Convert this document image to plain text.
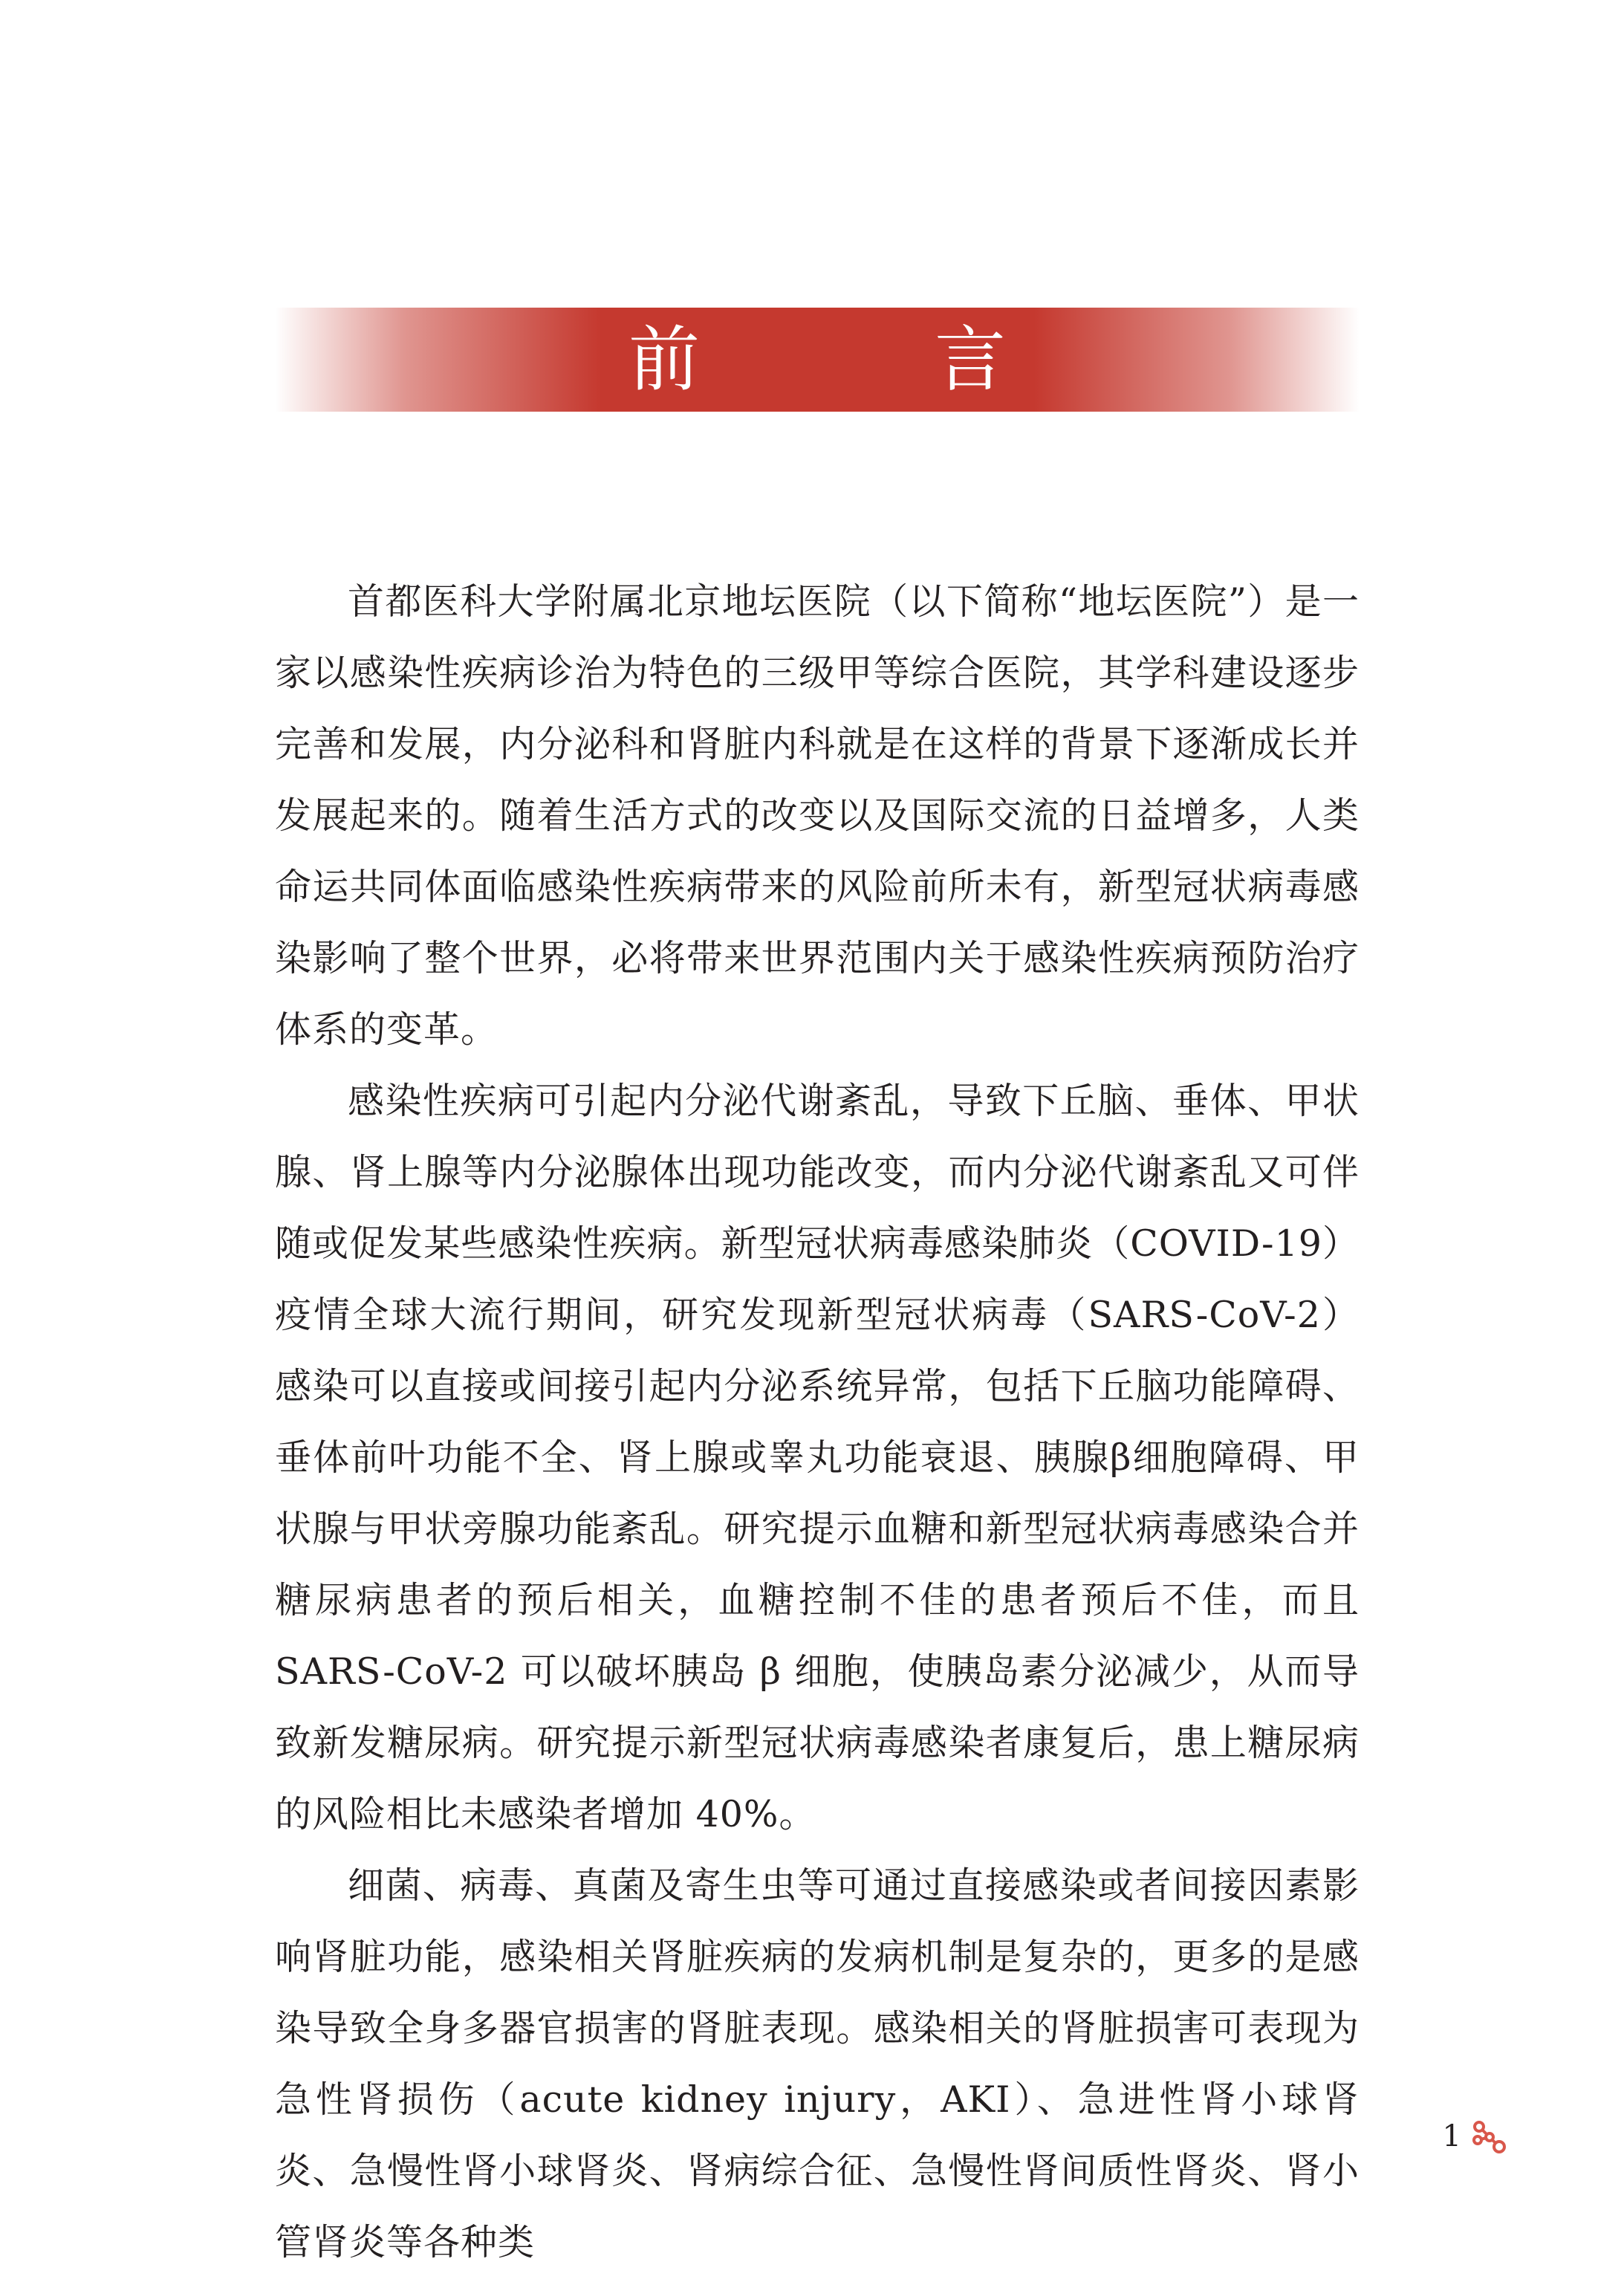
前　言

首都医科大学附属北京地坛医院（以下简称“地坛医院”）是一家以感染性疾病诊治为特色的三级甲等综合医院，其学科建设逐步完善和发展，内分泌科和肾脏内科就是在这样的背景下逐渐成长并发展起来的。随着生活方式的改变以及国际交流的日益增多，人类命运共同体面临感染性疾病带来的风险前所未有，新型冠状病毒感染影响了整个世界，必将带来世界范围内关于感染性疾病预防治疗体系的变革。

感染性疾病可引起内分泌代谢紊乱，导致下丘脑、垂体、甲状腺、肾上腺等内分泌腺体出现功能改变，而内分泌代谢紊乱又可伴随或促发某些感染性疾病。新型冠状病毒感染肺炎（COVID-19）疫情全球大流行期间，研究发现新型冠状病毒（SARS-CoV-2）感染可以直接或间接引起内分泌系统异常，包括下丘脑功能障碍、垂体前叶功能不全、肾上腺或睾丸功能衰退、胰腺β细胞障碍、甲状腺与甲状旁腺功能紊乱。研究提示血糖和新型冠状病毒感染合并糖尿病患者的预后相关，血糖控制不佳的患者预后不佳，而且 SARS-CoV-2 可以破坏胰岛 β 细胞，使胰岛素分泌减少，从而导致新发糖尿病。研究提示新型冠状病毒感染者康复后，患上糖尿病的风险相比未感染者增加 40%。

细菌、病毒、真菌及寄生虫等可通过直接感染或者间接因素影响肾脏功能，感染相关肾脏疾病的发病机制是复杂的，更多的是感染导致全身多器官损害的肾脏表现。感染相关的肾脏损害可表现为急性肾损伤（acute kidney injury，AKI）、急进性肾小球肾炎、急慢性肾小球肾炎、肾病综合征、急慢性肾间质性肾炎、肾小管肾炎等各种类

1
